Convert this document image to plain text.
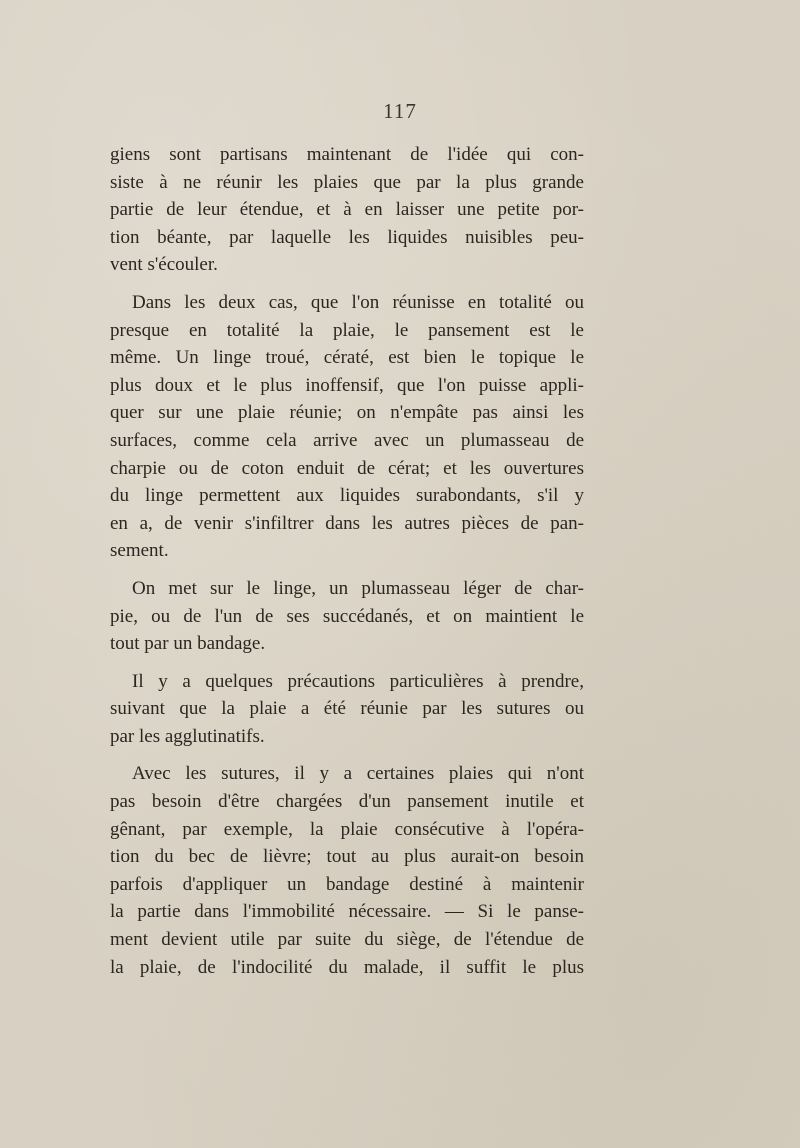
117
giens sont partisans maintenant de l'idée qui con-
siste à ne réunir les plaies que par la plus grande
partie de leur étendue, et à en laisser une petite por-
tion béante, par laquelle les liquides nuisibles peu-
vent s'écouler.
Dans les deux cas, que l'on réunisse en totalité ou
presque en totalité la plaie, le pansement est le
même. Un linge troué, cératé, est bien le topique le
plus doux et le plus inoffensif, que l'on puisse appli-
quer sur une plaie réunie; on n'empâte pas ainsi les
surfaces, comme cela arrive avec un plumasseau de
charpie ou de coton enduit de cérat; et les ouvertures
du linge permettent aux liquides surabondants, s'il y
en a, de venir s'infiltrer dans les autres pièces de pan-
sement.
On met sur le linge, un plumasseau léger de char-
pie, ou de l'un de ses succédanés, et on maintient le
tout par un bandage.
Il y a quelques précautions particulières à prendre,
suivant que la plaie a été réunie par les sutures ou
par les agglutinatifs.
Avec les sutures, il y a certaines plaies qui n'ont
pas besoin d'être chargées d'un pansement inutile et
gênant, par exemple, la plaie consécutive à l'opéra-
tion du bec de lièvre; tout au plus aurait-on besoin
parfois d'appliquer un bandage destiné à maintenir
la partie dans l'immobilité nécessaire. — Si le panse-
ment devient utile par suite du siège, de l'étendue de
la plaie, de l'indocilité du malade, il suffit le plus
